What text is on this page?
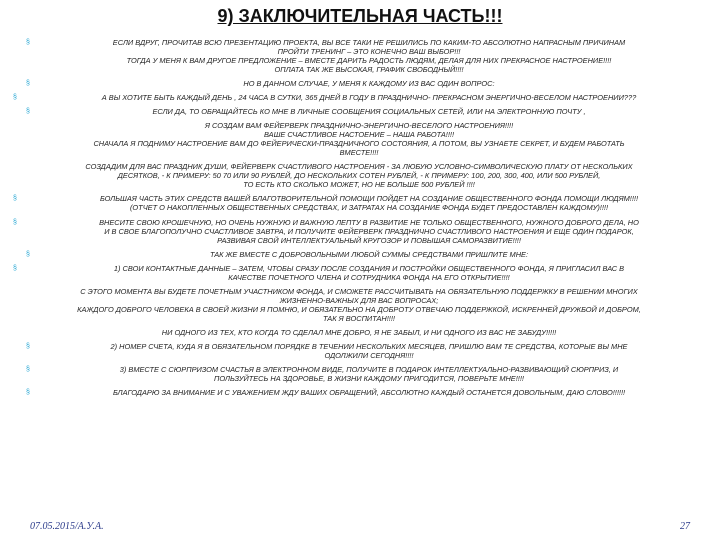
9) ЗАКЛЮЧИТЕЛЬНАЯ ЧАСТЬ!!!
§	ЕСЛИ ВДРУГ, ПРОЧИТАВ ВСЮ ПРЕЗЕНТАЦИЮ ПРОЕКТА, ВЫ ВСЕ ТАКИ НЕ РЕШИЛИСЬ ПО КАКИМ-ТО АБСОЛЮТНО НАПРАСНЫМ ПРИЧИНАМ
ПРОЙТИ ТРЕНИНГ – ЭТО КОНЕЧНО ВАШ ВЫБОР!!!
ТОГДА У МЕНЯ К ВАМ ДРУГОЕ ПРЕДЛОЖЕНИЕ – ВМЕСТЕ ДАРИТЬ РАДОСТЬ ЛЮДЯМ, ДЕЛАЯ ДЛЯ НИХ ПРЕКРАСНОЕ НАСТРОЕНИЕ!!!!
ОПЛАТА ТАК ЖЕ ВЫСОКАЯ, ГРАФИК СВОБОДНЫЙ!!!!
§	НО В ДАННОМ СЛУЧАЕ, У МЕНЯ К КАЖДОМУ ИЗ ВАС ОДИН ВОПРОС:
§	А ВЫ ХОТИТЕ БЫТЬ КАЖДЫЙ ДЕНЬ , 24 ЧАСА В СУТКИ, 365 ДНЕЙ В ГОДУ В ПРАЗДНИЧНО- ПРЕКРАСНОМ ЭНЕРГИЧНО-ВЕСЕЛОМ НАСТРОЕНИИ???
§	ЕСЛИ ДА, ТО ОБРАЩАЙТЕСЬ КО МНЕ В ЛИЧНЫЕ СООБЩЕНИЯ СОЦИАЛЬНЫХ СЕТЕЙ, ИЛИ НА ЭЛЕКТРОННУЮ ПОЧТУ ,
Я СОЗДАМ ВАМ ФЕЙЕРВЕРК ПРАЗДНИЧНО-ЭНЕРГИЧНО-ВЕСЕЛОГО НАСТРОЕНИЯ!!!!
ВАШЕ СЧАСТЛИВОЕ НАСТОЕНИЕ – НАША РАБОТА!!!!
СНАЧАЛА Я ПОДНИМУ НАСТРОЕНИЕ ВАМ ДО ФЕЙЕРИЧЕСКИ-ПРАЗДНИЧНОГО СОСТОЯНИЯ, А ПОТОМ, ВЫ УЗНАЕТЕ СЕКРЕТ, И БУДЕМ РАБОТАТЬ
ВМЕСТЕ!!!!
СОЗДАДИМ ДЛЯ ВАС ПРАЗДНИК ДУШИ, ФЕЙЕРВЕРК СЧАСТЛИВОГО НАСТРОЕНИЯ - ЗА ЛЮБУЮ УСЛОВНО-СИМВОЛИЧЕСКУЮ ПЛАТУ ОТ НЕСКОЛЬКИХ
ДЕСЯТКОВ, - К ПРИМЕРУ: 50 70 ИЛИ 90 РУБЛЕЙ, ДО НЕСКОЛЬКИХ СОТЕН РУБЛЕЙ, - К ПРИМЕРУ: 100, 200, 300, 400, ИЛИ 500 РУБЛЕЙ,
ТО ЕСТЬ КТО СКОЛЬКО МОЖЕТ, НО НЕ БОЛЬШЕ 500 РУБЛЕЙ !!!!
§	БОЛЬШАЯ ЧАСТЬ ЭТИХ СРЕДСТВ ВАШЕЙ БЛАГОТВОРИТЕЛЬНОЙ ПОМОЩИ ПОЙДЕТ НА СОЗДАНИЕ ОБЩЕСТВЕННОГО ФОНДА ПОМОЩИ ЛЮДЯМ!!!!
(ОТЧЕТ О НАКОПЛЕННЫХ ОБЩЕСТВЕННЫХ СРЕДСТВАХ, И ЗАТРАТАХ НА СОЗДАНИЕ ФОНДА БУДЕТ ПРЕДОСТАВЛЕН КАЖДОМУ)!!!!
§	ВНЕСИТЕ СВОЮ КРОШЕЧНУЮ, НО ОЧЕНЬ НУЖНУЮ И ВАЖНУЮ ЛЕПТУ В РАЗВИТИЕ НЕ ТОЛЬКО ОБЩЕСТВЕННОГО, НУЖНОГО ДОБРОГО ДЕЛА, НО
И В СВОЕ БЛАГОПОЛУЧНО СЧАСТЛИВОЕ ЗАВТРА, И ПОЛУЧИТЕ ФЕЙЕРВЕРК ПРАЗДНИЧНО СЧАСТЛИВОГО НАСТРОЕНИЯ И ЕЩЕ ОДИН ПОДАРОК,
РАЗВИВАЯ СВОЙ ИНТЕЛЛЕКТУАЛЬНЫЙ КРУГОЗОР И ПОВЫШАЯ САМОРАЗВИТИЕ!!!!
§	ТАК ЖЕ ВМЕСТЕ С ДОБРОВОЛЬНЫМИ ЛЮБОЙ СУММЫ СРЕДСТВАМИ ПРИШЛИТЕ МНЕ:
§	1) СВОИ КОНТАКТНЫЕ ДАННЫЕ – ЗАТЕМ, ЧТОБЫ СРАЗУ ПОСЛЕ СОЗДАНИЯ И ПОСТРОЙКИ ОБЩЕСТВЕННОГО ФОНДА, Я ПРИГЛАСИЛ ВАС В
КАЧЕСТВЕ ПОЧЕТНОГО ЧЛЕНА И СОТРУДНИКА ФОНДА НА ЕГО ОТКРЫТИЕ!!!!
С ЭТОГО МОМЕНТА ВЫ БУДЕТЕ ПОЧЕТНЫМ УЧАСТНИКОМ ФОНДА, И СМОЖЕТЕ РАССЧИТЫВАТЬ НА ОБЯЗАТЕЛЬНУЮ ПОДДЕРЖКУ В РЕШЕНИИ МНОГИХ
ЖИЗНЕННО-ВАЖНЫХ ДЛЯ ВАС ВОПРОСАХ;
КАЖДОГО ДОБРОГО ЧЕЛОВЕКА В СВОЕЙ ЖИЗНИ Я ПОМНЮ, И ОБЯЗАТЕЛЬНО НА ДОБРОТУ ОТВЕЧАЮ ПОДДЕРЖКОЙ, ИСКРЕННЕЙ ДРУЖБОЙ И ДОБРОМ,
ТАК Я ВОСПИТАН!!!!
НИ ОДНОГО ИЗ ТЕХ, КТО КОГДА ТО СДЕЛАЛ МНЕ ДОБРО, Я НЕ ЗАБЫЛ, И НИ ОДНОГО ИЗ ВАС НЕ ЗАБУДУ!!!!!
§	2) НОМЕР СЧЕТА, КУДА Я В ОБЯЗАТЕЛЬНОМ ПОРЯДКЕ В ТЕЧЕНИИ НЕСКОЛЬКИХ МЕСЯЦЕВ, ПРИШЛЮ ВАМ ТЕ СРЕДСТВА, КОТОРЫЕ ВЫ МНЕ
ОДОЛЖИЛИ СЕГОДНЯ!!!!
§	3) ВМЕСТЕ С СЮРПРИЗОМ СЧАСТЬЯ В ЭЛЕКТРОННОМ ВИДЕ, ПОЛУЧИТЕ В ПОДАРОК ИНТЕЛЛЕКТУАЛЬНО-РАЗВИВАЮЩИЙ СЮРПРИЗ, И
ПОЛЬЗУЙТЕСЬ НА ЗДОРОВЬЕ, В ЖИЗНИ КАЖДОМУ ПРИГОДИТСЯ, ПОВЕРЬТЕ МНЕ!!!!
§	БЛАГОДАРЮ ЗА ВНИМАНИЕ И С УВАЖЕНИЕМ ЖДУ ВАШИХ ОБРАЩЕНИЙ, АБСОЛЮТНО КАЖДЫЙ ОСТАНЕТСЯ ДОВОЛЬНЫМ, ДАЮ СЛОВО!!!!!!
07.05.2015/А.У.А.	27
